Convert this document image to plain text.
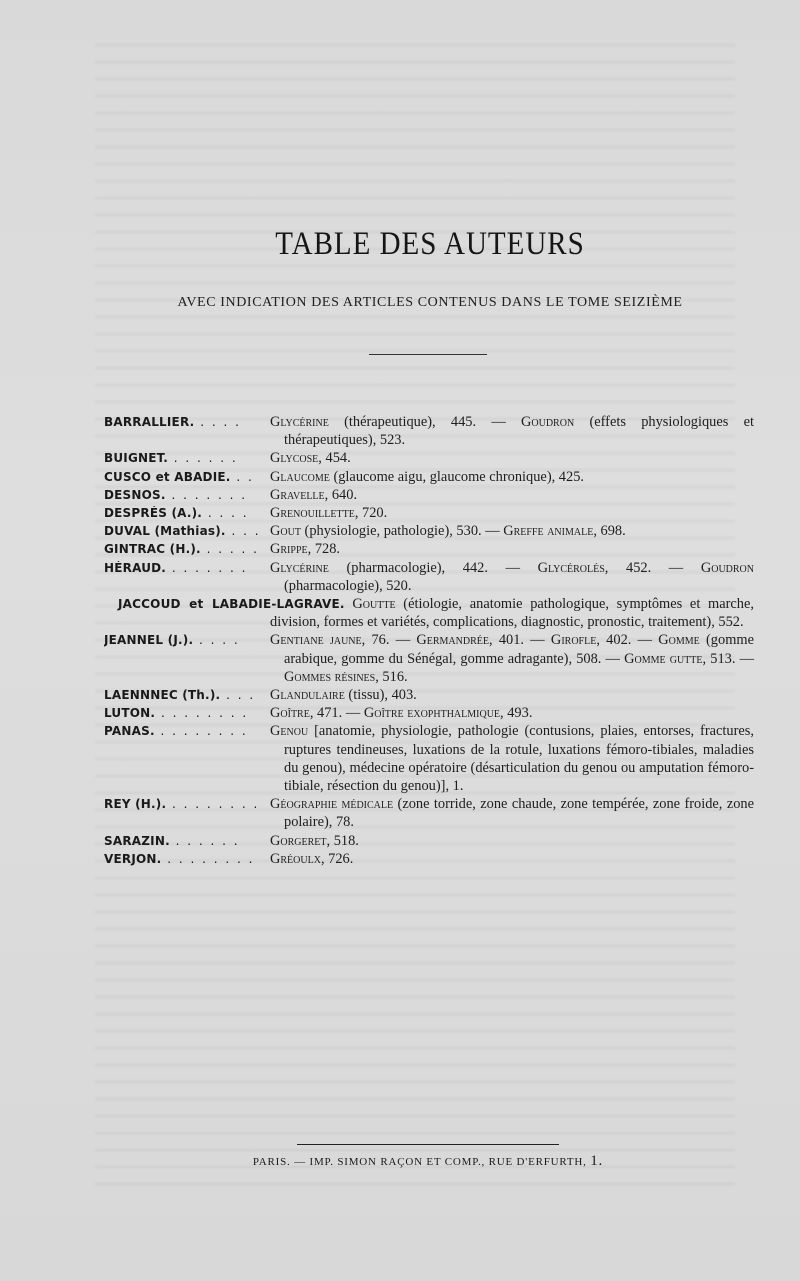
TABLE DES AUTEURS
AVEC INDICATION DES ARTICLES CONTENUS DANS LE TOME SEIZIÈME
BARRALLIER. . . . .	Glycérine (thérapeutique), 445. — Goudron (effets physiologiques et thérapeutiques), 523.
BUIGNET. . . . . . .	Glycose, 454.
CUSCO et ABADIE. . .	Glaucome (glaucome aigu, glaucome chronique), 425.
DESNOS. . . . . . . .	Gravelle, 640.
DESPRÉS (A.). . . . .	Grenouillette, 720.
DUVAL (Mathias). . . . Gout (physiologie, pathologie), 530. — Greffe animale, 698.
GINTRAC (H.). . . . . . Grippe, 728.
HÉRAUD. . . . . . . .	Glycérine (pharmacologie), 442. — Glycérolés, 452. — Goudron (pharmacologie), 520.
JACCOUD et LABADIE-LAGRAVE. Goutte (étiologie, anatomie pathologique, symptômes et marche, division, formes et variétés, complications, diagnostic, pronostic, traitement), 552.
JEANNEL (J.). . . . .	Gentiane jaune, 76. — Germandrée, 401. — Girofle, 402. — Gomme (gomme arabique, gomme du Sénégal, gomme adragante), 508. — Gomme gutte, 513. — Gommes résines, 516.
LAENNNEC (Th.). . . .	Glandulaire (tissu), 403.
LUTON. . . . . . . . .	Goître, 471. — Goître exophthalmique, 493.
PANAS. . . . . . . . .	Genou [anatomie, physiologie, pathologie (contusions, plaies, entorses, fractures, ruptures tendineuses, luxations de la rotule, luxations fémoro-tibiales, maladies du genou), médecine opératoire (désarticulation du genou ou amputation fémoro-tibiale, résection du genou)], 1.
REY (H.). . . . . . . . . Géographie médicale (zone torride, zone chaude, zone tempérée, zone froide, zone polaire), 78.
SARAZIN. . . . . . .	Gorgeret, 518.
VERJON. . . . . . . . .	Gréoulx, 726.
PARIS. — IMP. SIMON RAÇON ET COMP., RUE D'ERFURTH, 1.
